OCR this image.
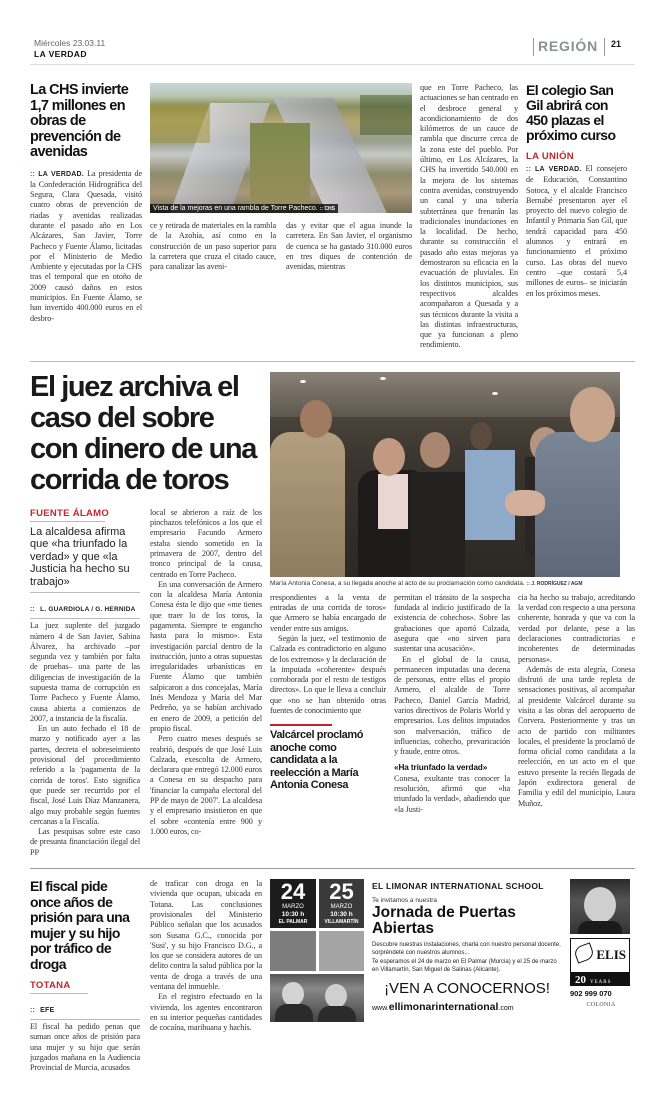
Miércoles 23.03.11
LA VERDAD	REGIÓN 21
La CHS invierte 1,7 millones en obras de prevención de avenidas

:: LA VERDAD. La presidenta de la Confederación Hidrográfica del Segura, Clara Quesada, visitó cuatro obras de prevención de riadas y avenidas realizadas durante el pasado año en Los Alcázares, San Javier, Torre Pacheco y Fuente Álamo, licitadas por el Ministerio de Medio Ambiente y ejecutadas por la CHS tras el temporal que en otoño de 2009 causó daños en estos municipios. En Fuente Álamo, se han invertido 400.000 euros en el desbro-

Vista de la mejoras en una rambla de Torre Pacheco. :: CHS
ce y retirada de materiales en la rambla de la Azohía, así como en la construcción de un paso superior para la carretera que cruza el citado cauce, para canalizar las aveni-
das y evitar que el agua inunde la carretera. En San Javier, el organismo de cuenca se ha gastado 310.000 euros en tres diques de contención de avenidas, mientras
que en Torre Pacheco, las actuaciones se han centrado en el desbroce general y acondicionamiento de dos kilómetros de un cauce de rambla que discurre cerca de la zona este del pueblo. Por último, en Los Alcázares, la CHS ha invertido 540.000 en la mejora de los sistemas contra avenidas, construyendo un canal y una tubería subterránea que frenarán las tradicionales inundaciones en la localidad. De hecho, durante su construcción el pasado año estas mejoras ya demostraron su eficacia en la evacuación de pluviales. En los distintos municipios, sus respectivos alcaldes acompañaron a Quesada y a sus técnicos durante la visita a las distintas infraestructuras, que ya funcionan a pleno rendimiento.
El colegio San Gil abrirá con 450 plazas el próximo curso
LA UNIÓN

:: LA VERDAD. El consejero de Educación, Constantino Sotoca, y el alcalde Francisco Bernabé presentaron ayer el proyecto del nuevo colegio de Infantil y Primaria San Gil, que tendrá capacidad para 450 alumnos y entrará en funcionamiento el próximo curso. Las obras del nuevo centro –que costará 5,4 millones de euros– se iniciarán en los próximos meses.

El juez archiva el caso del sobre con dinero de una corrida de toros
FUENTE ÁLAMO
La alcaldesa afirma que «ha triunfado la verdad» y que «la Justicia ha hecho su trabajo»
:: L. GUARDIOLA / G. HERNIDA

La juez suplente del juzgado número 4 de San Javier, Sabina Álvarez, ha archivado –por segunda vez y también por falta de pruebas– una parte de las diligencias de investigación de la supuesta trama de corrupción en Torre Pacheco y Fuente Álamo, causa abierta a comienzos de 2007, a instancia de la fiscalía.

En un auto fechado el 18 de marzo y notificado ayer a las partes, decreta el sobreseimiento provisional del procedimiento referido a la 'pagamenta de la corrida de toros'. Esto significa que puede ser recurrido por el fiscal, José Luis Díaz Manzanera, algo muy probable según fuentes cercanas a la Fiscalía.

Las pesquisas sobre este caso de presunta financiación ilegal del PP

local se abrieron a raíz de los pinchazos telefónicos a los que el empresario Facundo Armero estaba siendo sometido en la primavera de 2007, dentro del tronco principal de la causa, centrado en Torre Pacheco.

En una conversación de Armero con la alcaldesa María Antonia Conesa ésta le dijo que «me tienes que traer lo de los toros, la pagamenta. Siempre te engancho hasta para lo mismo». Esta investigación parcial dentro de la instrucción, junto a otras supuestas irregularidades urbanísticas en Fuente Álamo que también salpicaron a dos concejalas, María Inés Mendoza y María del Mar Pedreño, ya se habían archivado en enero de 2009, a petición del propio fiscal.

Pero cuatro meses después se reabrió, después de que José Luis Calzada, exescolta de Armero, declarara que entregó 12.000 euros a Conesa en su despacho para 'financiar la campaña electoral del PP de mayo de 2007'. La alcaldesa y el empresario insistieron en que el sobre «contenía entre 900 y 1.000 euros, co-

María Antonia Conesa, a su llegada anoche al acto de su proclamación como candidata. :: J. RODRÍGUEZ / AGM

rrespondientes a la venta de entradas de una corrida de toros» que Armero se había encargado de vender entre sus amigos.

Según la juez, «el testimonio de Calzada es contradictorio en alguno de los extremos» y la declaración de la imputada «coherente» después corroborada por el resto de testigos directos». Lo que le lleva a concluir que «no se han obtenido otras fuentes de conocimiento que

Valcárcel proclamó anoche como candidata a la reelección a María Antonia Conesa

permitan el tránsito de la sospecha fundada al indicio justificado de la existencia de cohechos». Sobre las grabaciones que aportó Calzada, asegura que «no sirven para sustentar una acusación».

En el global de la causa, permanecen imputadas una decena de personas, entre ellas el propio Armero, el alcalde de Torre Pacheco, Daniel García Madrid, varios directivos de Polaris World y empresarios. Los delitos imputados son malversación, tráfico de influencias, cohecho, prevaricación y fraude, entre otros.

«Ha triunfado la verdad»

Conesa, exultante tras conocer la resolución, afirmó que «ha triunfado la verdad», añadiendo que «la Justi-

cia ha hecho su trabajo, acreditando la verdad con respecto a una persona coherente, honrada y que va con la verdad por delante, pese a las declaraciones contradictorias e incoherentes de determinadas personas».

Además de esta alegría, Conesa disfrutó de una tarde repleta de sensaciones positivas, al acompañar al presidente Valcárcel durante su visita a las obras del aeropuerto de Corvera. Posteriormente y tras un acto de partido con militantes locales, el presidente la proclamó de forma oficial como candidata a la reelección, en un acto en el que estuvo presente la recién llegada de Japón exdirectora general de Familia y edil del municipio, Laura Muñoz.

El fiscal pide once años de prisión para una mujer y su hijo por tráfico de droga
TOTANA
:: EFE
El fiscal ha pedido penas que suman once años de prisión para una mujer y su hijo que serán juzgados mañana en la Audiencia Provincial de Murcia, acusados

de traficar con droga en la vivienda que ocupan, ubicada en Totana. Las conclusiones provisionales del Ministerio Público señalan que los acusados son Susana G.C., conocida por 'Susi', y su hijo Francisco D.G., a los que se considera autores de un delito contra la salud pública por la venta de droga a través de una ventana del inmueble.

En el registro efectuado en la vivienda, los agentes encontraron en su interior pequeñas cantidades de cocaína, marihuana y hachís.

24
MARZO
10:30 h
EL PALMAR
25
MARZO
10:30 h
VILLAMARTÍN
EL LIMONAR INTERNATIONAL SCHOOL
Te invitamos a nuestra
Jornada de Puertas Abiertas
Descubre nuestras instalaciones, charla con nuestro personal docente, sorpréndete con nuestros alumnos...
Te esperamos el 24 de marzo en El Palmar (Murcia) y el 25 de marzo en Villamartín, San Miguel de Salinas (Alicante).
¡VEN A CONOCERNOS!
www.ellimonarinternational.com
ELIS
20 YEARS
902 999 070
COLONIA
